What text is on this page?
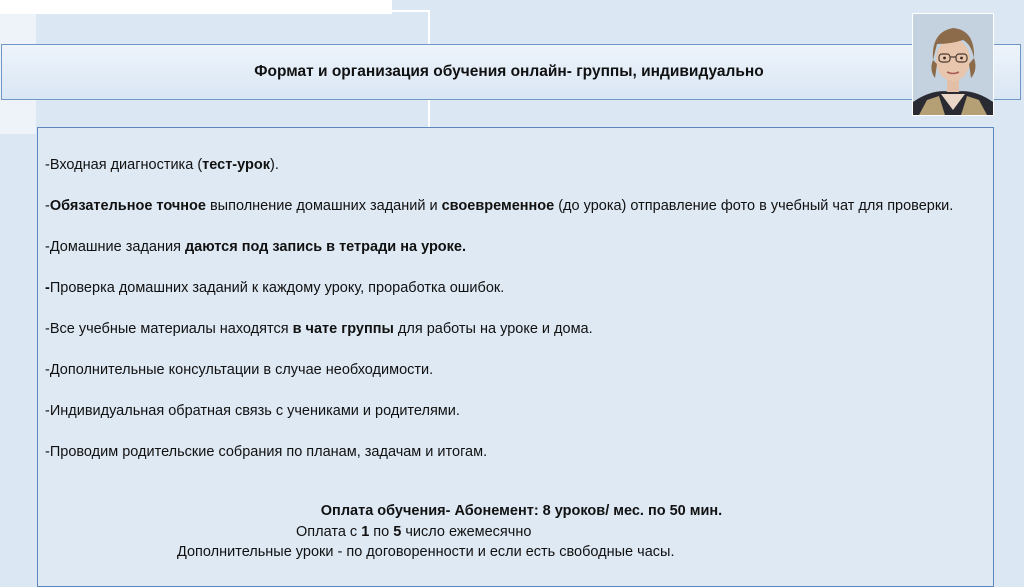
Формат и организация обучения онлайн- группы, индивидуально

-Входная диагностика (тест-урок).

-Обязательное точное выполнение домашних заданий и своевременное (до урока) отправление фото в учебный чат для проверки.

-Домашние задания даются под запись в тетради на уроке.

-Проверка домашних заданий к каждому уроку, проработка ошибок.

-Все учебные материалы находятся в чате группы для работы на уроке и дома.

-Дополнительные консультации в случае необходимости.

-Индивидуальная обратная связь с учениками и родителями.

-Проводим родительские собрания по планам, задачам и итогам.

Оплата обучения- Абонемент: 8 уроков/ мес. по 50 мин.
Оплата с 1 по 5 число ежемесячно
Дополнительные уроки - по договоренности и если есть свободные часы.
